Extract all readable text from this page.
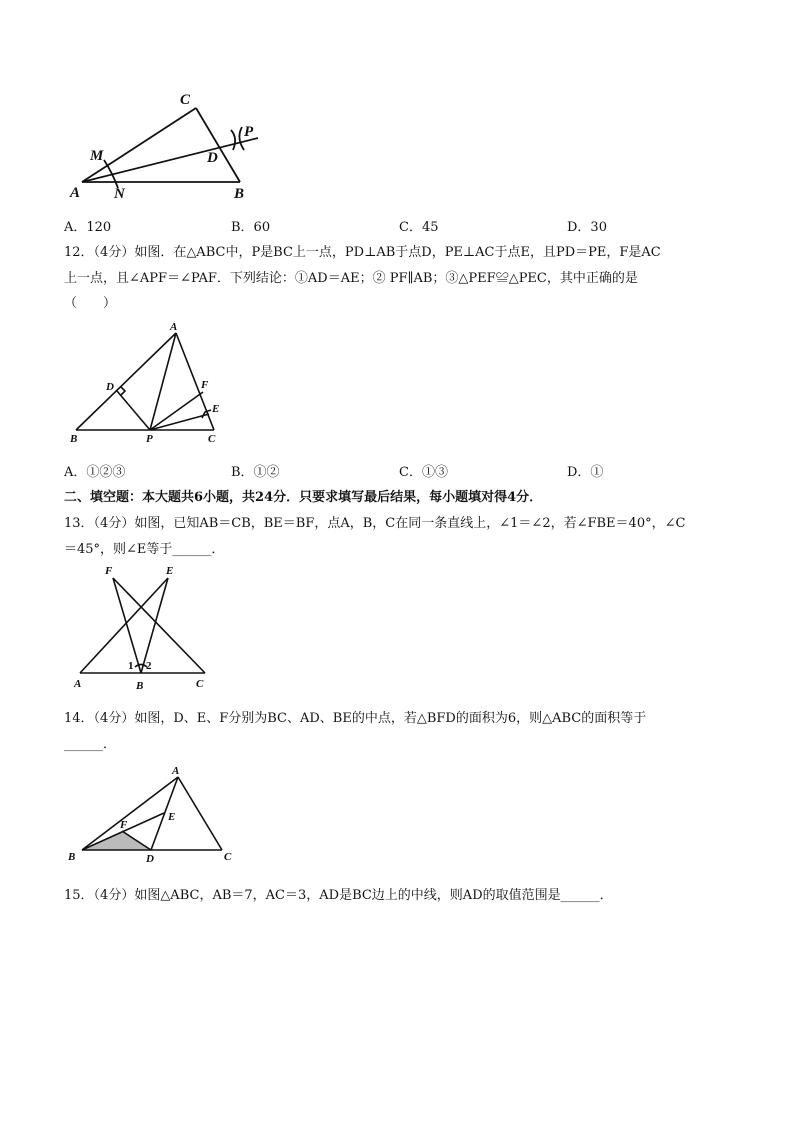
C
P
M	D
A N	B
A．120	B．60	C．45	D．30
12．（4分）如图．在△ABC中，P是BC上一点，PD⊥AB于点D，PE⊥AC于点E，且PD＝PE，F是AC
上一点，且∠APF＝∠PAF．下列结论：①AD＝AE；② PF∥AB；③△PEF≌△PEC，其中正确的是
（　　）
A
D	F
E
B	P	C
A．①②③	B．①②	C．①③	D．①
二、填空题：本大题共6小题，共24分．只要求填写最后结果，每小题填对得4分．
13．（4分）如图，已知AB＝CB，BE＝BF，点A，B，C在同一条直线上，∠1＝∠2，若∠FBE＝40°，∠C
＝45°，则∠E等于______．
F	E
1 2
A	B	C
14．（4分）如图，D、E、F分别为BC、AD、BE的中点，若△BFD的面积为6，则△ABC的面积等于
______．
A
E
F
B	D	C
15．（4分）如图△ABC，AB＝7，AC＝3，AD是BC边上的中线，则AD的取值范围是______．
